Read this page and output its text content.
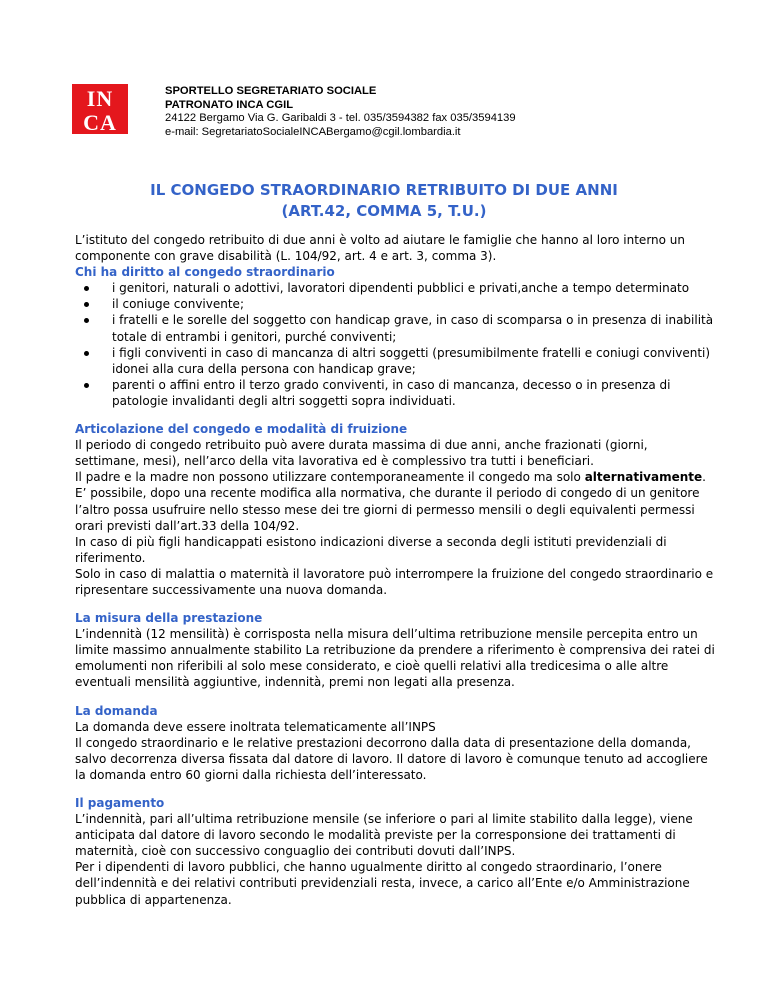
IN
CA
SPORTELLO SEGRETARIATO SOCIALE
PATRONATO INCA CGIL
24122 Bergamo Via G. Garibaldi 3 - tel. 035/3594382 fax 035/3594139
e-mail: SegretariatoSocialeINCABergamo@cgil.lombardia.it
IL CONGEDO STRAORDINARIO RETRIBUITO DI DUE ANNI
(ART.42, COMMA 5, T.U.)

L’istituto del congedo retribuito di due anni è volto ad aiutare le famiglie che hanno al loro interno un componente con grave disabilità (L. 104/92, art. 4 e art. 3, comma 3).

Chi ha diritto al congedo straordinario

i genitori, naturali o adottivi, lavoratori dipendenti pubblici e privati,anche a tempo determinato
il coniuge convivente;
i fratelli e le sorelle del soggetto con handicap grave, in caso di scomparsa o in presenza di inabilità totale di entrambi i genitori, purché conviventi;
i figli conviventi in caso di mancanza di altri soggetti (presumibilmente fratelli e coniugi conviventi) idonei alla cura della persona con handicap grave;
parenti o affini entro il terzo grado conviventi, in caso di mancanza, decesso o in presenza di patologie invalidanti degli altri soggetti sopra individuati.

Articolazione del congedo e modalità di fruizione

Il periodo di congedo retribuito può avere durata massima di due anni, anche frazionati (giorni, settimane, mesi), nell’arco della vita lavorativa ed è complessivo tra tutti i beneficiari.

Il padre e la madre non possono utilizzare contemporaneamente il congedo ma solo alternativamente.

E’ possibile, dopo una recente modifica alla normativa, che durante il periodo di congedo di un genitore l’altro possa usufruire nello stesso mese dei tre giorni di permesso mensili o degli equivalenti permessi orari previsti dall’art.33 della 104/92.

In caso di più figli handicappati esistono indicazioni diverse a seconda degli istituti previdenziali di riferimento.

Solo in caso di malattia o maternità il lavoratore può interrompere la fruizione del congedo straordinario e ripresentare successivamente una nuova domanda.

La misura della prestazione

L’indennità (12 mensilità) è corrisposta nella misura dell’ultima retribuzione mensile percepita entro un limite massimo annualmente stabilito La retribuzione da prendere a riferimento è comprensiva dei ratei di emolumenti non riferibili al solo mese considerato, e cioè quelli relativi alla tredicesima o alle altre eventuali mensilità aggiuntive, indennità, premi non legati alla presenza.

La domanda

La domanda deve essere inoltrata telematicamente all’INPS

Il congedo straordinario e le relative prestazioni decorrono dalla data di presentazione della domanda, salvo decorrenza diversa fissata dal datore di lavoro. Il datore di lavoro è comunque tenuto ad accogliere la domanda entro 60 giorni dalla richiesta dell’interessato.

Il pagamento

L’indennità, pari all’ultima retribuzione mensile (se inferiore o pari al limite stabilito dalla legge), viene anticipata dal datore di lavoro secondo le modalità previste per la corresponsione dei trattamenti di maternità, cioè con successivo conguaglio dei contributi dovuti dall’INPS.

Per i dipendenti di lavoro pubblici, che hanno ugualmente diritto al congedo straordinario, l’onere dell’indennità e dei relativi contributi previdenziali resta, invece, a carico all’Ente e/o Amministrazione pubblica di appartenenza.
